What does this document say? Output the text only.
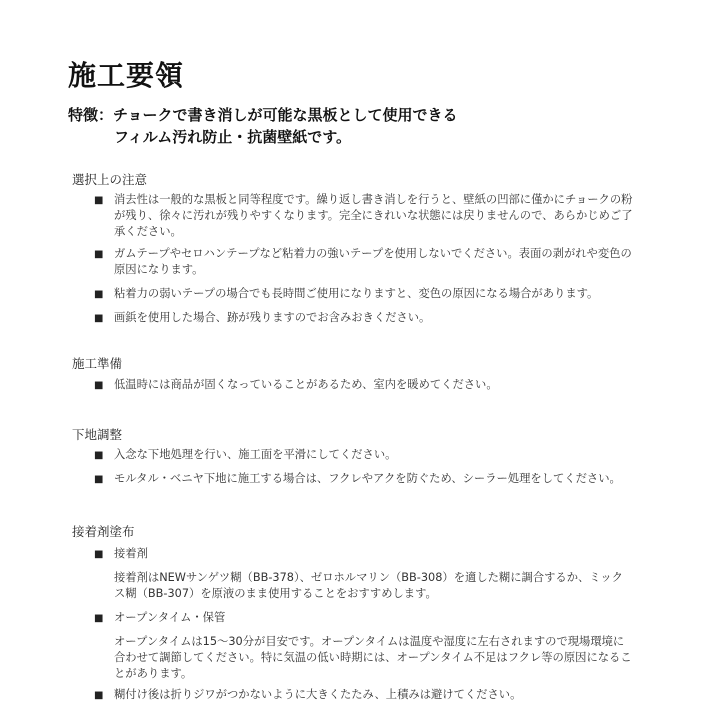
施工要領
特徴：チョークで書き消しが可能な黒板として使用できる
フィルム汚れ防止・抗菌壁紙です。
選択上の注意
■ 消去性は一般的な黒板と同等程度です。繰り返し書き消しを行うと、壁紙の凹部に僅かにチョークの粉が残り、徐々に汚れが残りやすくなります。完全にきれいな状態には戻りませんので、あらかじめご了承ください。
■ ガムテープやセロハンテープなど粘着力の強いテープを使用しないでください。表面の剥がれや変色の原因になります。
■ 粘着力の弱いテープの場合でも長時間ご使用になりますと、変色の原因になる場合があります。
■ 画鋲を使用した場合、跡が残りますのでお含みおきください。
施工準備
■ 低温時には商品が固くなっていることがあるため、室内を暖めてください。
下地調整
■ 入念な下地処理を行い、施工面を平滑にしてください。
■ モルタル・ベニヤ下地に施工する場合は、フクレやアクを防ぐため、シーラー処理をしてください。
接着剤塗布
■ 接着剤
接着剤はNEWサンゲツ糊（BB-378）、ゼロホルマリン（BB-308）を適した糊に調合するか、ミックス糊（BB-307）を原液のまま使用することをおすすめします。
■ オープンタイム・保管
オープンタイムは15～30分が目安です。オープンタイムは温度や湿度に左右されますので現場環境に合わせて調節してください。特に気温の低い時期には、オープンタイム不足はフクレ等の原因になることがあります。
■ 糊付け後は折りジワがつかないように大きくたたみ、上積みは避けてください。
